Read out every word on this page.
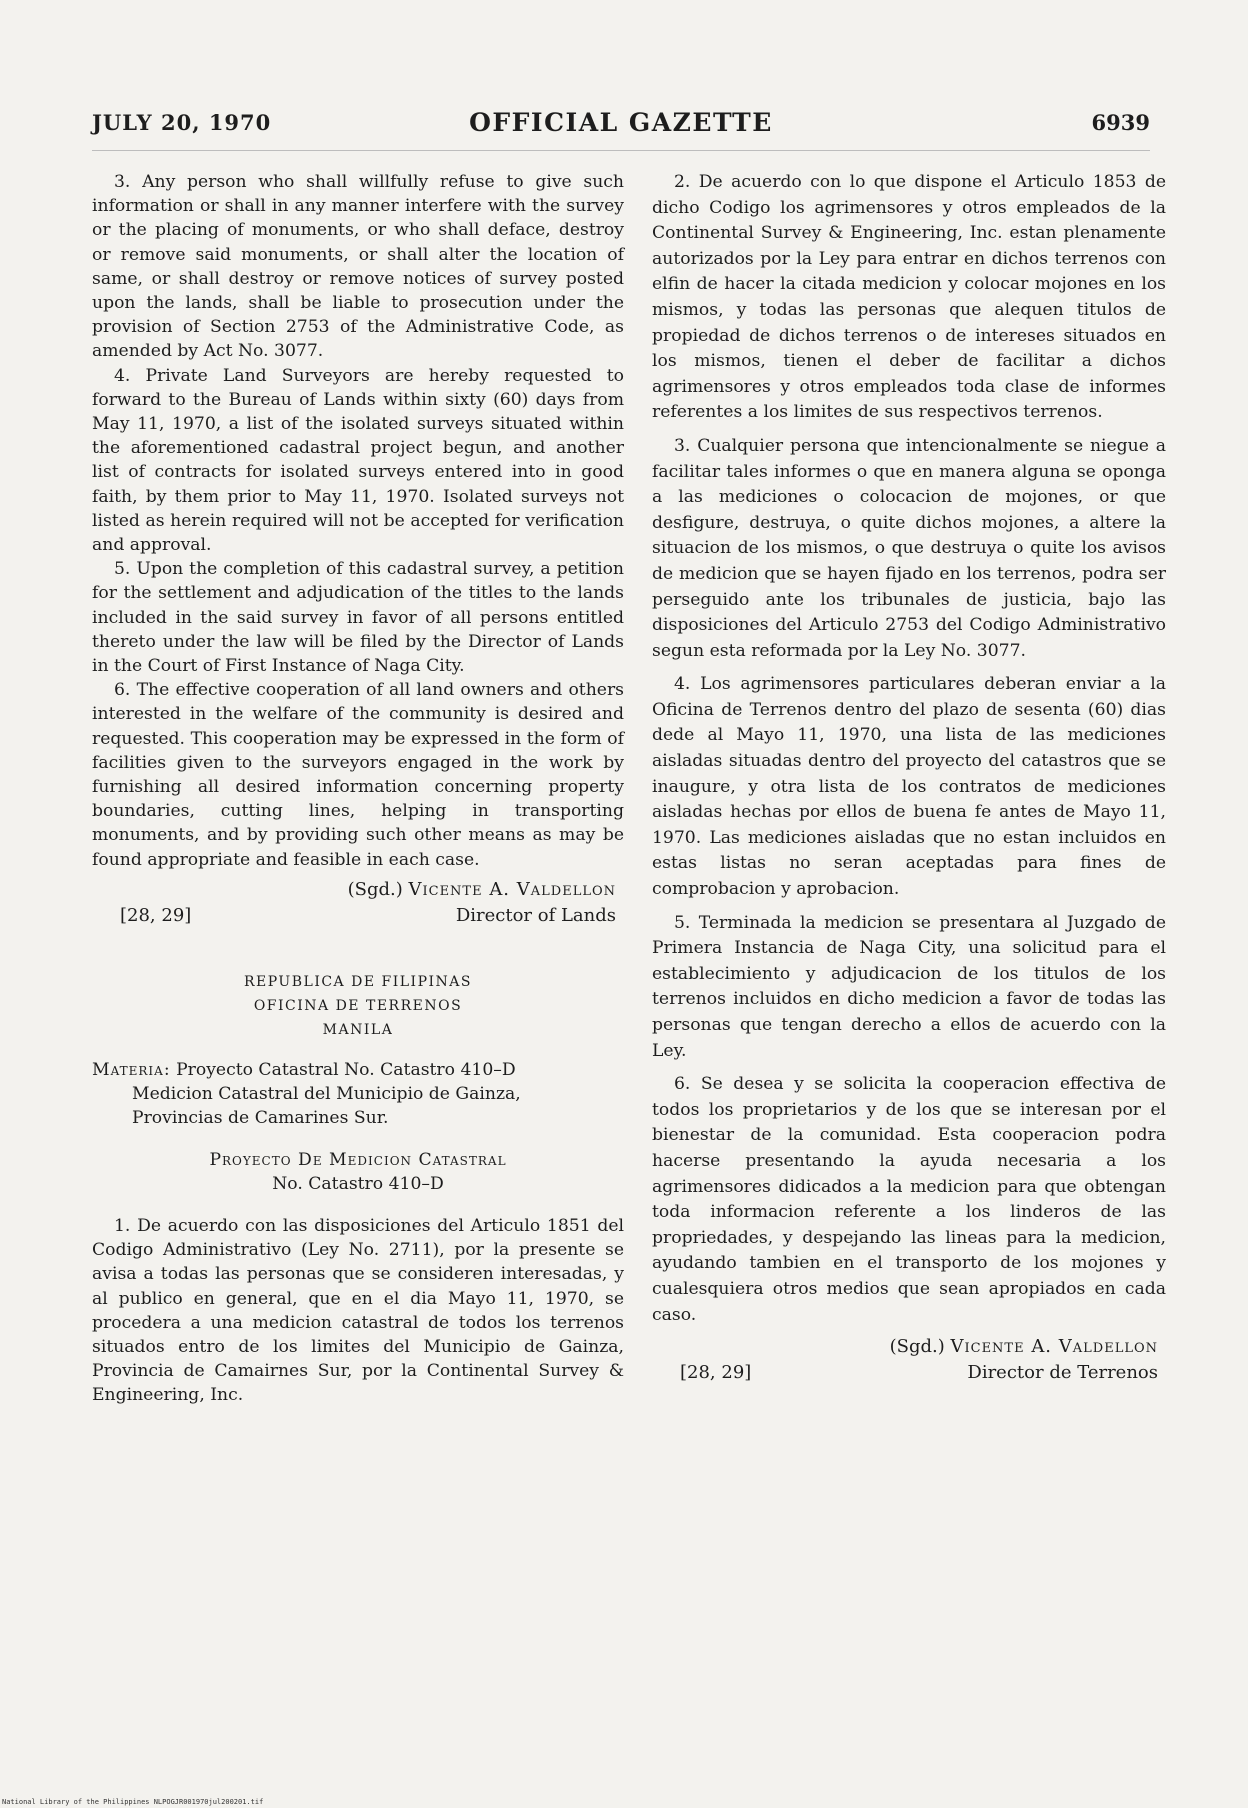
JULY 20, 1970	OFFICIAL GAZETTE	6939

3. Any person who shall willfully refuse to give such information or shall in any manner interfere with the survey or the placing of monuments, or who shall deface, destroy or remove said monuments, or shall alter the location of same, or shall destroy or remove notices of survey posted upon the lands, shall be liable to prosecution under the provision of Section 2753 of the Administrative Code, as amended by Act No. 3077.

4. Private Land Surveyors are hereby requested to forward to the Bureau of Lands within sixty (60) days from May 11, 1970, a list of the isolated surveys situated within the aforementioned cadastral project begun, and another list of contracts for isolated surveys entered into in good faith, by them prior to May 11, 1970. Isolated surveys not listed as herein required will not be accepted for verification and approval.

5. Upon the completion of this cadastral survey, a petition for the settlement and adjudication of the titles to the lands included in the said survey in favor of all persons entitled thereto under the law will be filed by the Director of Lands in the Court of First Instance of Naga City.

6. The effective cooperation of all land owners and others interested in the welfare of the community is desired and requested. This cooperation may be expressed in the form of facilities given to the surveyors engaged in the work by furnishing all desired information concerning property boundaries, cutting lines, helping in transporting monuments, and by providing such other means as may be found appropriate and feasible in each case.

(Sgd.) Vicente A. Valdellon
[28, 29]	Director of Lands
REPUBLICA DE FILIPINAS
OFICINA DE TERRENOS
MANILA
Materia: Proyecto Catastral No. Catastro 410–D
Medicion Catastral del Municipio de Gainza,
Provincias de Camarines Sur.
Proyecto De Medicion Catastral
No. Catastro 410–D

1. De acuerdo con las disposiciones del Articulo 1851 del Codigo Administrativo (Ley No. 2711), por la presente se avisa a todas las personas que se consideren interesadas, y al publico en general, que en el dia Mayo 11, 1970, se procedera a una medicion catastral de todos los terrenos situados entro de los limites del Municipio de Gainza, Provincia de Camairnes Sur, por la Continental Survey & Engineering, Inc.

2. De acuerdo con lo que dispone el Articulo 1853 de dicho Codigo los agrimensores y otros empleados de la Continental Survey & Engineering, Inc. estan plenamente autorizados por la Ley para entrar en dichos terrenos con elfin de hacer la citada medicion y colocar mojones en los mismos, y todas las personas que alequen titulos de propiedad de dichos terrenos o de intereses situados en los mismos, tienen el deber de facilitar a dichos agrimensores y otros empleados toda clase de informes referentes a los limites de sus respectivos terrenos.

3. Cualquier persona que intencionalmente se niegue a facilitar tales informes o que en manera alguna se oponga a las mediciones o colocacion de mojones, or que desfigure, destruya, o quite dichos mojones, a altere la situacion de los mismos, o que destruya o quite los avisos de medicion que se hayen fijado en los terrenos, podra ser perseguido ante los tribunales de justicia, bajo las disposiciones del Articulo 2753 del Codigo Administrativo segun esta reformada por la Ley No. 3077.

4. Los agrimensores particulares deberan enviar a la Oficina de Terrenos dentro del plazo de sesenta (60) dias dede al Mayo 11, 1970, una lista de las mediciones aisladas situadas dentro del proyecto del catastros que se inaugure, y otra lista de los contratos de mediciones aisladas hechas por ellos de buena fe antes de Mayo 11, 1970. Las mediciones aisladas que no estan incluidos en estas listas no seran aceptadas para fines de comprobacion y aprobacion.

5. Terminada la medicion se presentara al Juzgado de Primera Instancia de Naga City, una solicitud para el establecimiento y adjudicacion de los titulos de los terrenos incluidos en dicho medicion a favor de todas las personas que tengan derecho a ellos de acuerdo con la Ley.

6. Se desea y se solicita la cooperacion effectiva de todos los proprietarios y de los que se interesan por el bienestar de la comunidad. Esta cooperacion podra hacerse presentando la ayuda necesaria a los agrimensores didicados a la medicion para que obtengan toda informacion referente a los linderos de las propriedades, y despejando las lineas para la medicion, ayudando tambien en el transporto de los mojones y cualesquiera otros medios que sean apropiados en cada caso.

(Sgd.) Vicente A. Valdellon
[28, 29]	Director de Terrenos
National Library of the Philippines NLPOGJR001970jul200201.tif
